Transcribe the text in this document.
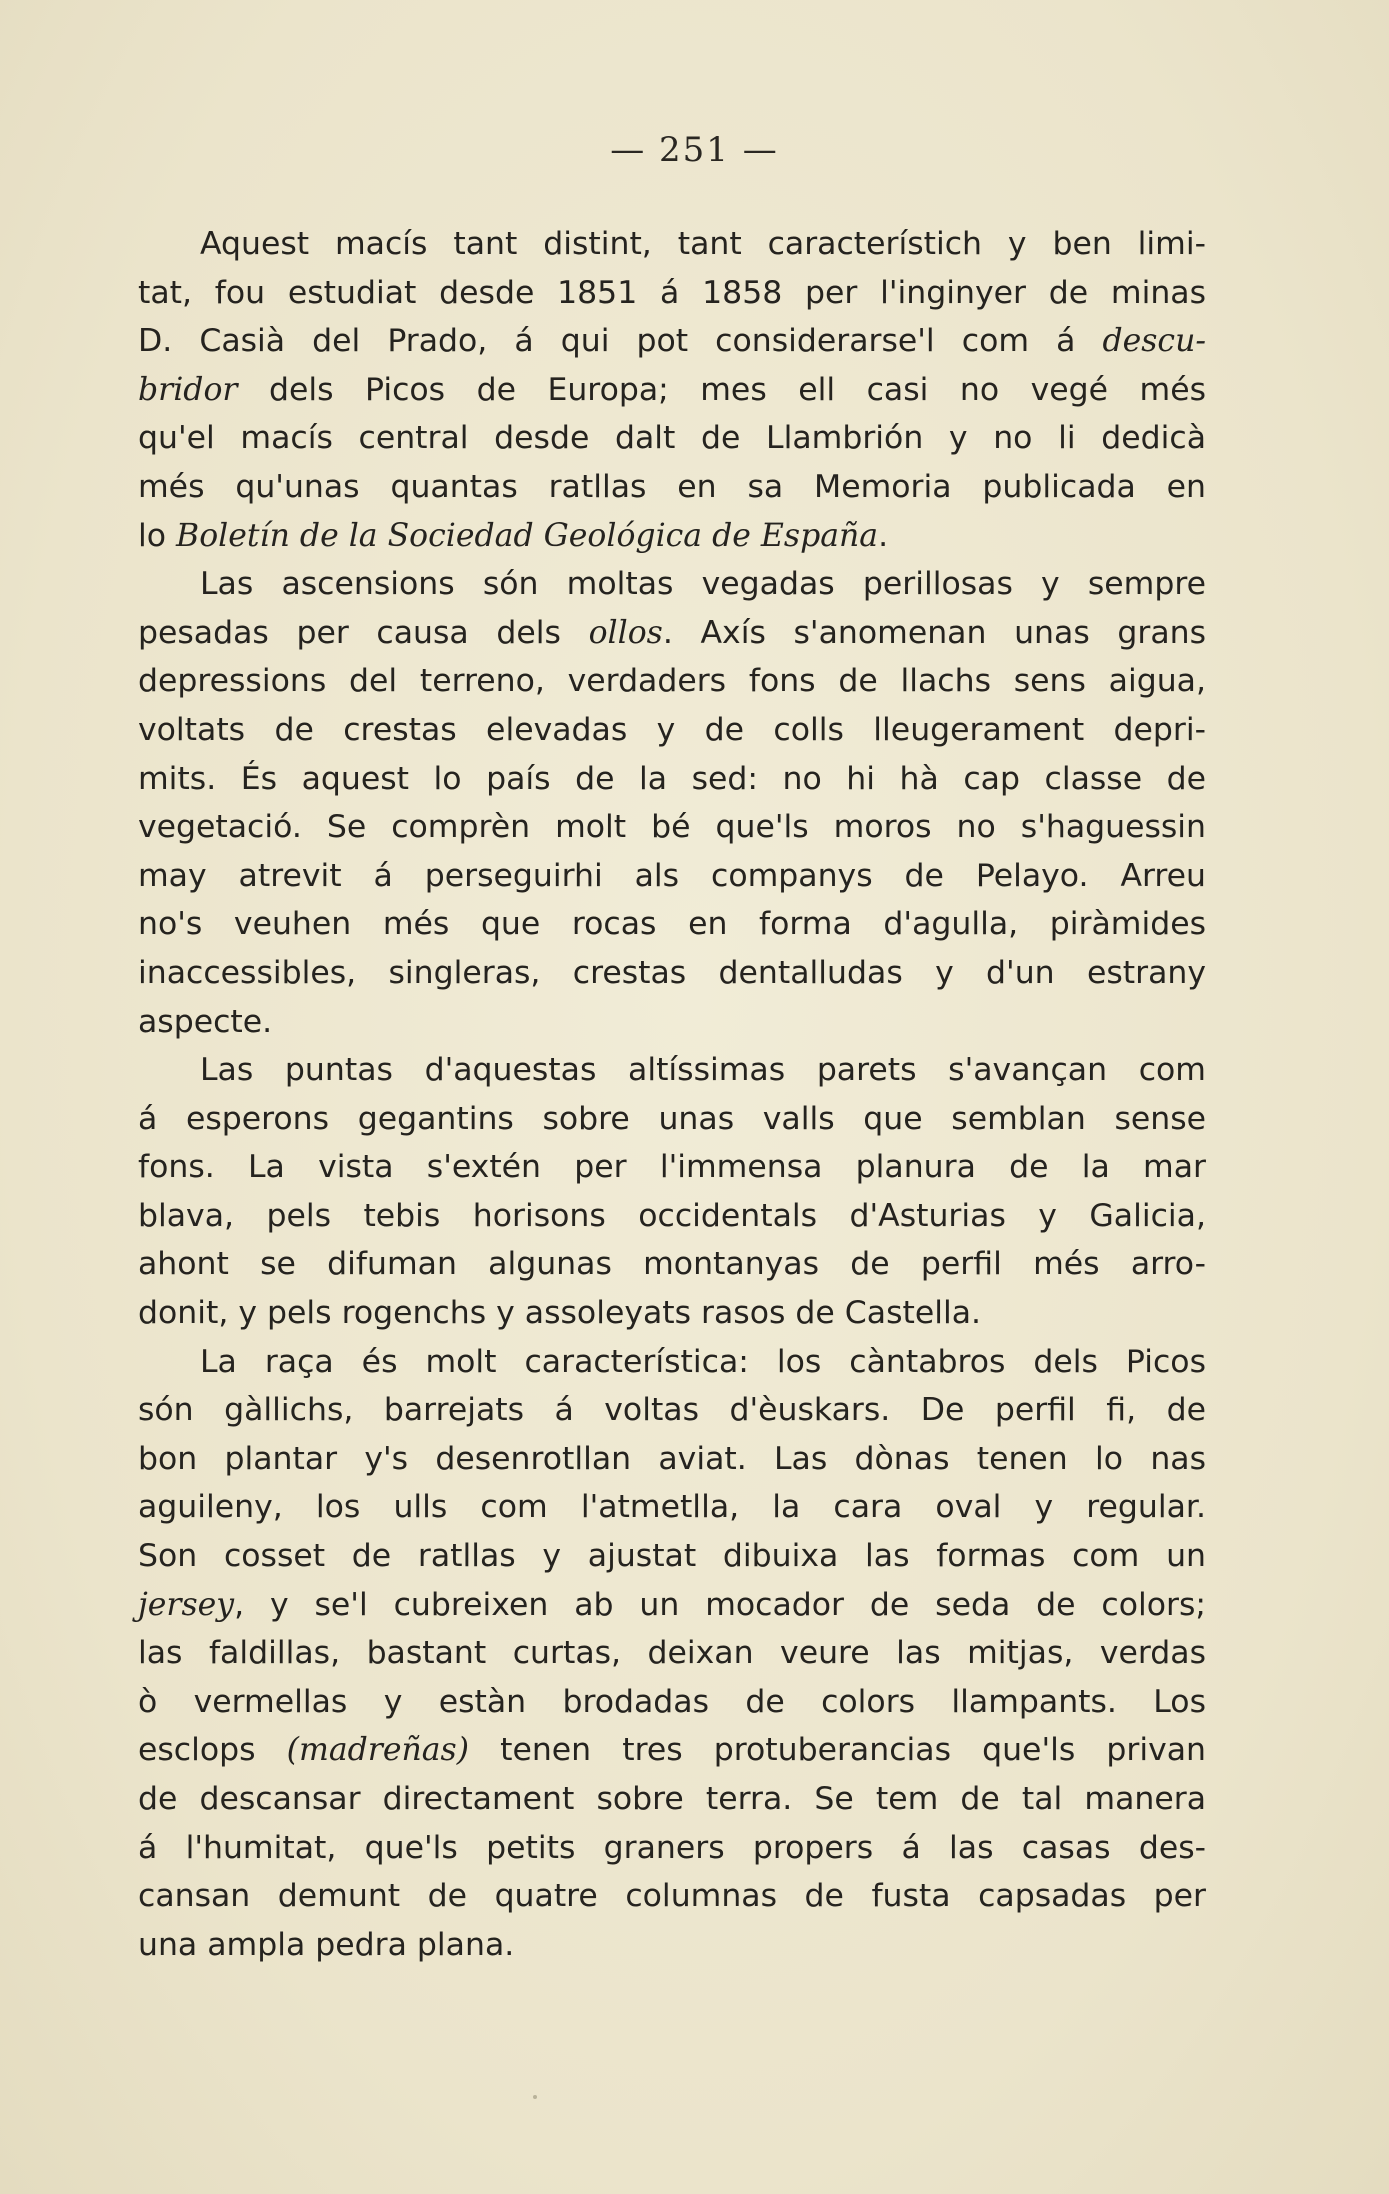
— 251 —
Aquest macís tant distint, tant característich y ben limi-
tat, fou estudiat desde 1851 á 1858 per l'inginyer de minas
D. Casià del Prado, á qui pot considerarse'l com á descu-
bridor dels Picos de Europa; mes ell casi no vegé més
qu'el macís central desde dalt de Llambrión y no li dedicà
més qu'unas quantas ratllas en sa Memoria publicada en
lo Boletín de la Sociedad Geológica de España.
Las ascensions són moltas vegadas perillosas y sempre
pesadas per causa dels ollos. Axís s'anomenan unas grans
depressions del terreno, verdaders fons de llachs sens aigua,
voltats de crestas elevadas y de colls lleugerament depri-
mits. És aquest lo país de la sed: no hi hà cap classe de
vegetació. Se comprèn molt bé que'ls moros no s'haguessin
may atrevit á perseguirhi als companys de Pelayo. Arreu
no's veuhen més que rocas en forma d'agulla, piràmides
inaccessibles, singleras, crestas dentalludas y d'un estrany
aspecte.
Las puntas d'aquestas altíssimas parets s'avançan com
á esperons gegantins sobre unas valls que semblan sense
fons. La vista s'extén per l'immensa planura de la mar
blava, pels tebis horisons occidentals d'Asturias y Galicia,
ahont se difuman algunas montanyas de perfil més arro-
donit, y pels rogenchs y assoleyats rasos de Castella.
La raça és molt característica: los càntabros dels Picos
són gàllichs, barrejats á voltas d'èuskars. De perfil fi, de
bon plantar y's desenrotllan aviat. Las dònas tenen lo nas
aguileny, los ulls com l'atmetlla, la cara oval y regular.
Son cosset de ratllas y ajustat dibuixa las formas com un
jersey, y se'l cubreixen ab un mocador de seda de colors;
las faldillas, bastant curtas, deixan veure las mitjas, verdas
ò vermellas y estàn brodadas de colors llampants. Los
esclops (madreñas) tenen tres protuberancias que'ls privan
de descansar directament sobre terra. Se tem de tal manera
á l'humitat, que'ls petits graners propers á las casas des-
cansan demunt de quatre columnas de fusta capsadas per
una ampla pedra plana.
